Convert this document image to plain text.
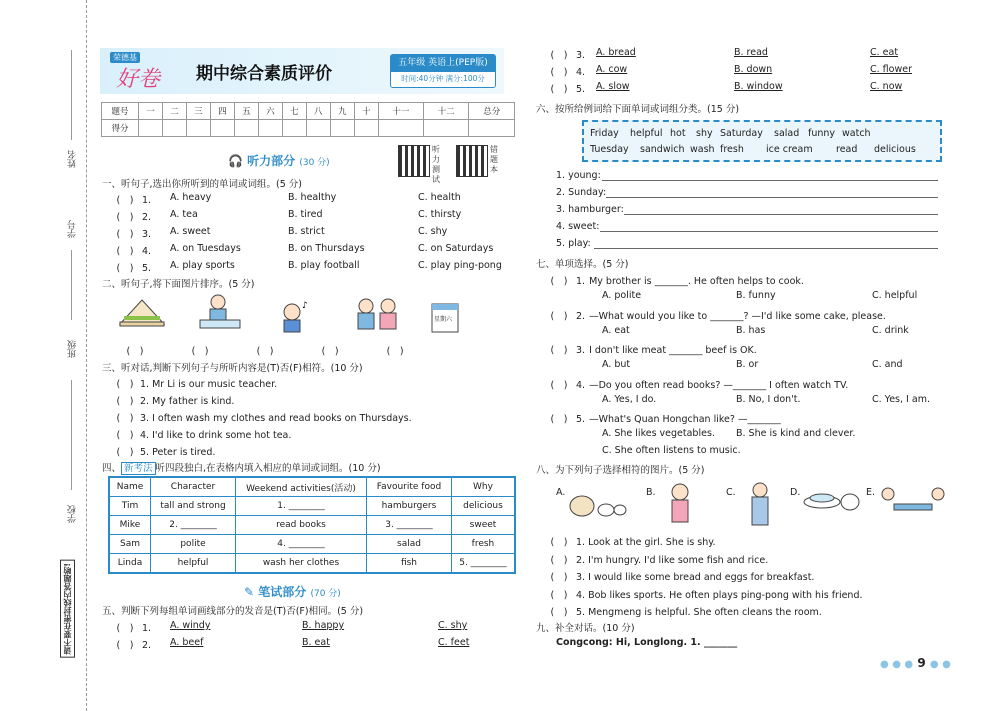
姓名
学号
班级
学校
请不要在密封线内答题哟!
荣德基
好卷 期中综合素质评价
五年级 英语上(PEP版)
时间:40分钟 满分:100分
题号	一	二	三	四	五	六	七	八	九	十	十一	十二	总分
得分													
🎧 听力部分 (30 分)
听力测试
错题本
一、听句子,选出你所听到的单词或词组。(5 分)
(　) 1. A. heavy	B. healthy	C. health
(　) 2. A. tea	B. tired	C. thirsty
(　) 3. A. sweet	B. strict	C. shy
(　) 4. A. on Tuesdays	B. on Thursdays	C. on Saturdays
(　) 5. A. play sports	B. play football	C. play ping-pong
二、听句子,将下面图片排序。(5 分)
♪
星期六
(　)	(　)	(　)	(　)	(　)
三、听对话,判断下列句子与所听内容是(T)否(F)相符。(10 分)
(　) 1. Mr Li is our music teacher.
(　) 2. My father is kind.
(　) 3. I often wash my clothes and read books on Thursdays.
(　) 4. I'd like to drink some hot tea.
(　) 5. Peter is tired.
四、 新考法 听四段独白,在表格内填入相应的单词或词组。(10 分)
Name	Character	Weekend activities(活动)	Favourite food	Why
Tim	tall and strong	1. ________	hamburgers	delicious
Mike	2. ________	read books	3. ________	sweet
Sam	polite	4. ________	salad	fresh
Linda	helpful	wash her clothes	fish	5. ________
✎ 笔试部分 (70 分)
五、判断下列每组单词画线部分的发音是(T)否(F)相同。(5 分)
(　) 1. A. windy	B. happy	C. shy
(　) 2. A. beef	B. eat	C. feet
(　) 3. A. bread	B. read	C. eat
(　) 4. A. cow	B. down	C. flower
(　) 5. A. slow	B. window	C. now
六、按所给例词给下面单词或词组分类。(15 分)
Friday helpful hot shy Saturday salad funny watch
Tuesday sandwich wash fresh ice cream read delicious
1. young:
2. Sunday:
3. hamburger:
4. sweet:
5. play:
七、单项选择。(5 分)
(　) 1. My brother is _______. He often helps to cook.
A. polite	B. funny	C. helpful
(　) 2. —What would you like to _______? —I'd like some cake, please.
A. eat	B. has	C. drink
(　) 3. I don't like meat _______ beef is OK.
A. but	B. or	C. and
(　) 4. —Do you often read books? —_______ I often watch TV.
A. Yes, I do.	B. No, I don't.	C. Yes, I am.
(　) 5. —What's Quan Hongchan like? —_______
A. She likes vegetables. B. She is kind and clever.
C. She often listens to music.
八、为下列句子选择相符的图片。(5 分)
A.	B.	C.	D.	E.
(　) 1. Look at the girl. She is shy.
(　) 2. I'm hungry. I'd like some fish and rice.
(　) 3. I would like some bread and eggs for breakfast.
(　) 4. Bob likes sports. He often plays ping-pong with his friend.
(　) 5. Mengmeng is helpful. She often cleans the room.
九、补全对话。(10 分)
Congcong: Hi, Longlong. 1. _______
● ● ● 9 ● ●
